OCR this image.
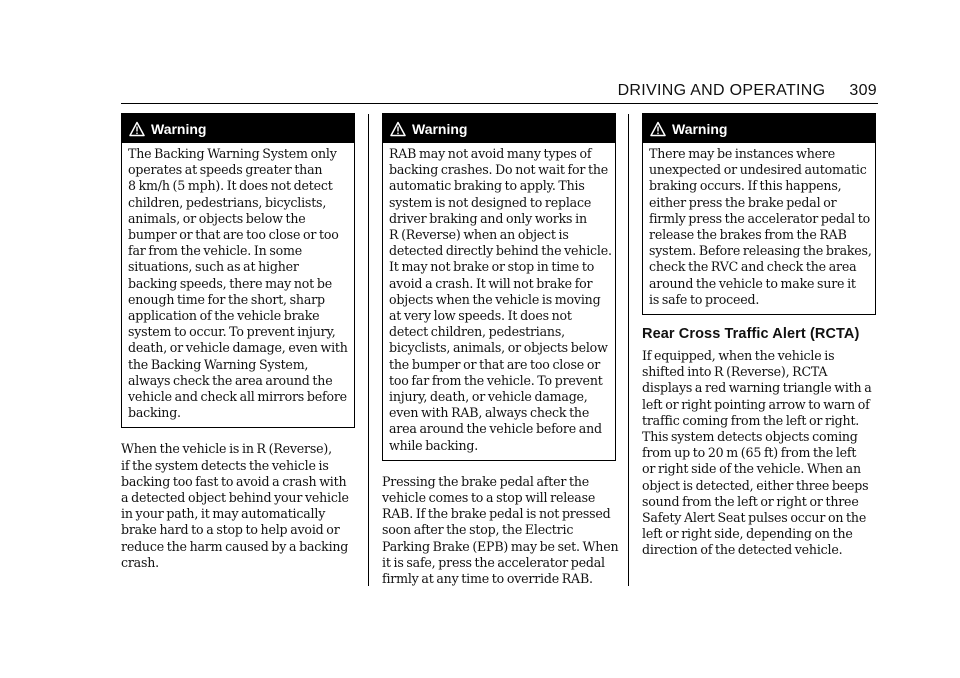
DRIVING AND OPERATING 309
Warning
The Backing Warning System only
operates at speeds greater than
8 km/h (5 mph). It does not detect
children, pedestrians, bicyclists,
animals, or objects below the
bumper or that are too close or too
far from the vehicle. In some
situations, such as at higher
backing speeds, there may not be
enough time for the short, sharp
application of the vehicle brake
system to occur. To prevent injury,
death, or vehicle damage, even with
the Backing Warning System,
always check the area around the
vehicle and check all mirrors before
backing.
When the vehicle is in R (Reverse),
if the system detects the vehicle is
backing too fast to avoid a crash with
a detected object behind your vehicle
in your path, it may automatically
brake hard to a stop to help avoid or
reduce the harm caused by a backing
crash.
Warning
RAB may not avoid many types of
backing crashes. Do not wait for the
automatic braking to apply. This
system is not designed to replace
driver braking and only works in
R (Reverse) when an object is
detected directly behind the vehicle.
It may not brake or stop in time to
avoid a crash. It will not brake for
objects when the vehicle is moving
at very low speeds. It does not
detect children, pedestrians,
bicyclists, animals, or objects below
the bumper or that are too close or
too far from the vehicle. To prevent
injury, death, or vehicle damage,
even with RAB, always check the
area around the vehicle before and
while backing.
Pressing the brake pedal after the
vehicle comes to a stop will release
RAB. If the brake pedal is not pressed
soon after the stop, the Electric
Parking Brake (EPB) may be set. When
it is safe, press the accelerator pedal
firmly at any time to override RAB.
Warning
There may be instances where
unexpected or undesired automatic
braking occurs. If this happens,
either press the brake pedal or
firmly press the accelerator pedal to
release the brakes from the RAB
system. Before releasing the brakes,
check the RVC and check the area
around the vehicle to make sure it
is safe to proceed.
Rear Cross Traffic Alert (RCTA)
If equipped, when the vehicle is
shifted into R (Reverse), RCTA
displays a red warning triangle with a
left or right pointing arrow to warn of
traffic coming from the left or right.
This system detects objects coming
from up to 20 m (65 ft) from the left
or right side of the vehicle. When an
object is detected, either three beeps
sound from the left or right or three
Safety Alert Seat pulses occur on the
left or right side, depending on the
direction of the detected vehicle.
